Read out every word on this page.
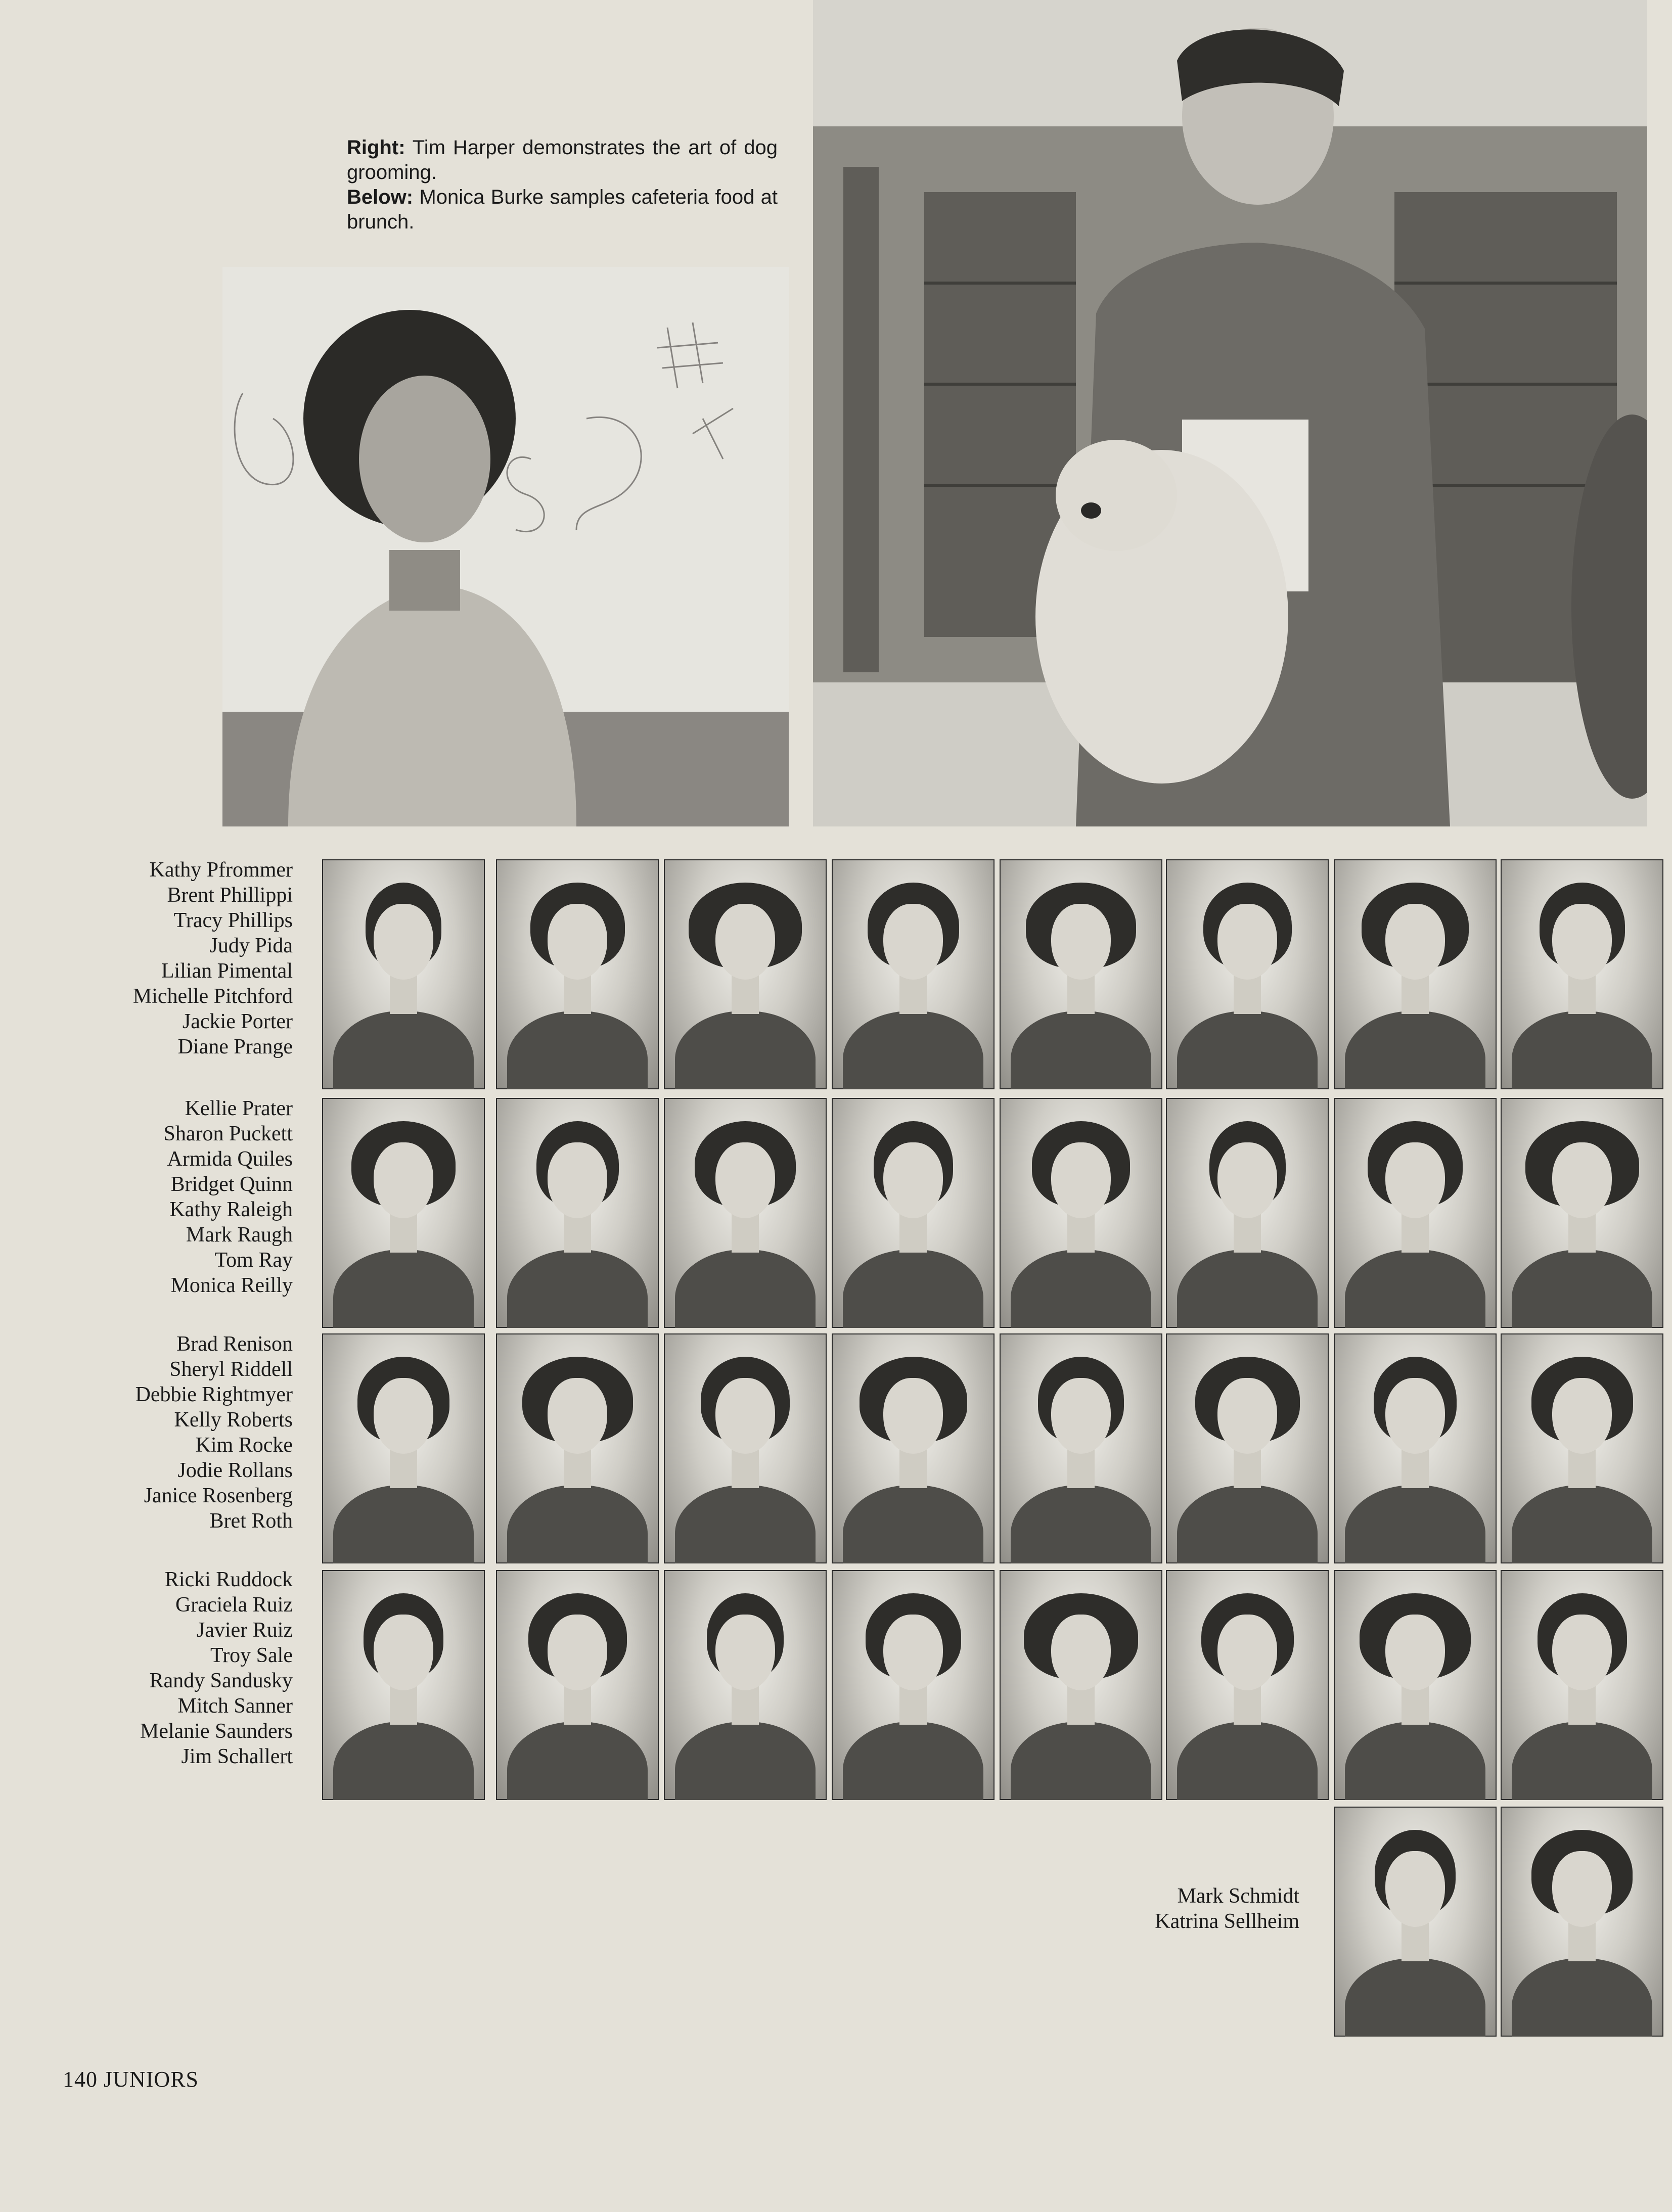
Right: Tim Harper demonstrates the art of dog grooming.

Below: Monica Burke samples cafeteria food at brunch.

Kathy Pfrommer
Brent Phillippi
Tracy Phillips
Judy Pida
Lilian Pimental
Michelle Pitchford
Jackie Porter
Diane Prange
Kellie Prater
Sharon Puckett
Armida Quiles
Bridget Quinn
Kathy Raleigh
Mark Raugh
Tom Ray
Monica Reilly
Brad Renison
Sheryl Riddell
Debbie Rightmyer
Kelly Roberts
Kim Rocke
Jodie Rollans
Janice Rosenberg
Bret Roth
Ricki Ruddock
Graciela Ruiz
Javier Ruiz
Troy Sale
Randy Sandusky
Mitch Sanner
Melanie Saunders
Jim Schallert
Mark Schmidt
Katrina Sellheim
140 JUNIORS
